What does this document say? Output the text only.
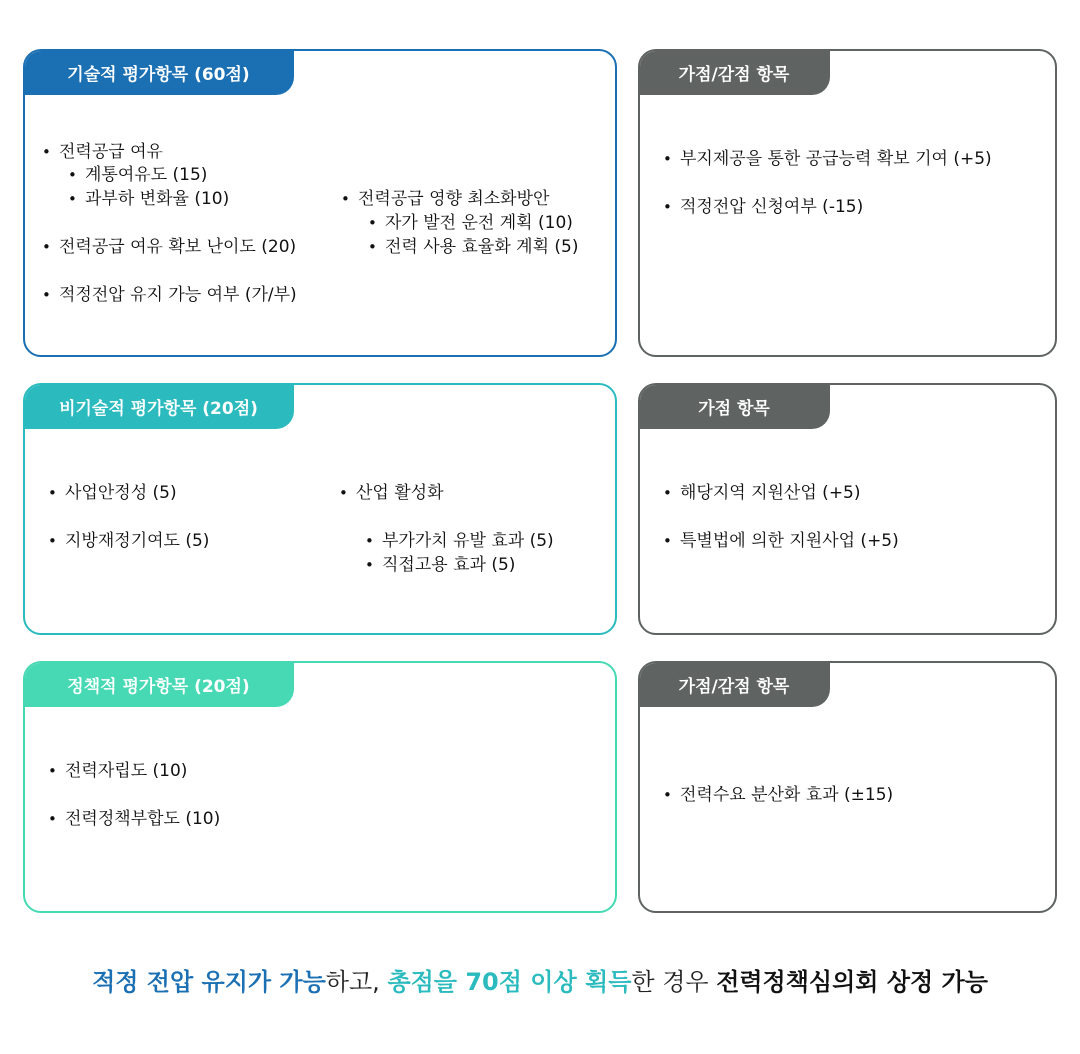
기술적 평가항목 (60점)
• 전력공급 여유
• 계통여유도 (15)
• 과부하 변화율 (10)
• 전력공급 여유 확보 난이도 (20)
• 적정전압 유지 가능 여부 (가/부)
• 전력공급 영향 최소화방안
• 자가 발전 운전 계획 (10)
• 전력 사용 효율화 계획 (5)
가점/감점 항목
• 부지제공을 통한 공급능력 확보 기여 (+5)
• 적정전압 신청여부 (-15)
비기술적 평가항목 (20점)
• 사업안정성 (5)
• 지방재정기여도 (5)
• 산업 활성화
• 부가가치 유발 효과 (5)
• 직접고용 효과 (5)
가점 항목
• 해당지역 지원산업 (+5)
• 특별법에 의한 지원사업 (+5)
정책적 평가항목 (20점)
• 전력자립도 (10)
• 전력정책부합도 (10)
가점/감점 항목
• 전력수요 분산화 효과 (±15)
적정 전압 유지가 가능하고, 총점을 70점 이상 획득한 경우 전력정책심의회 상정 가능
